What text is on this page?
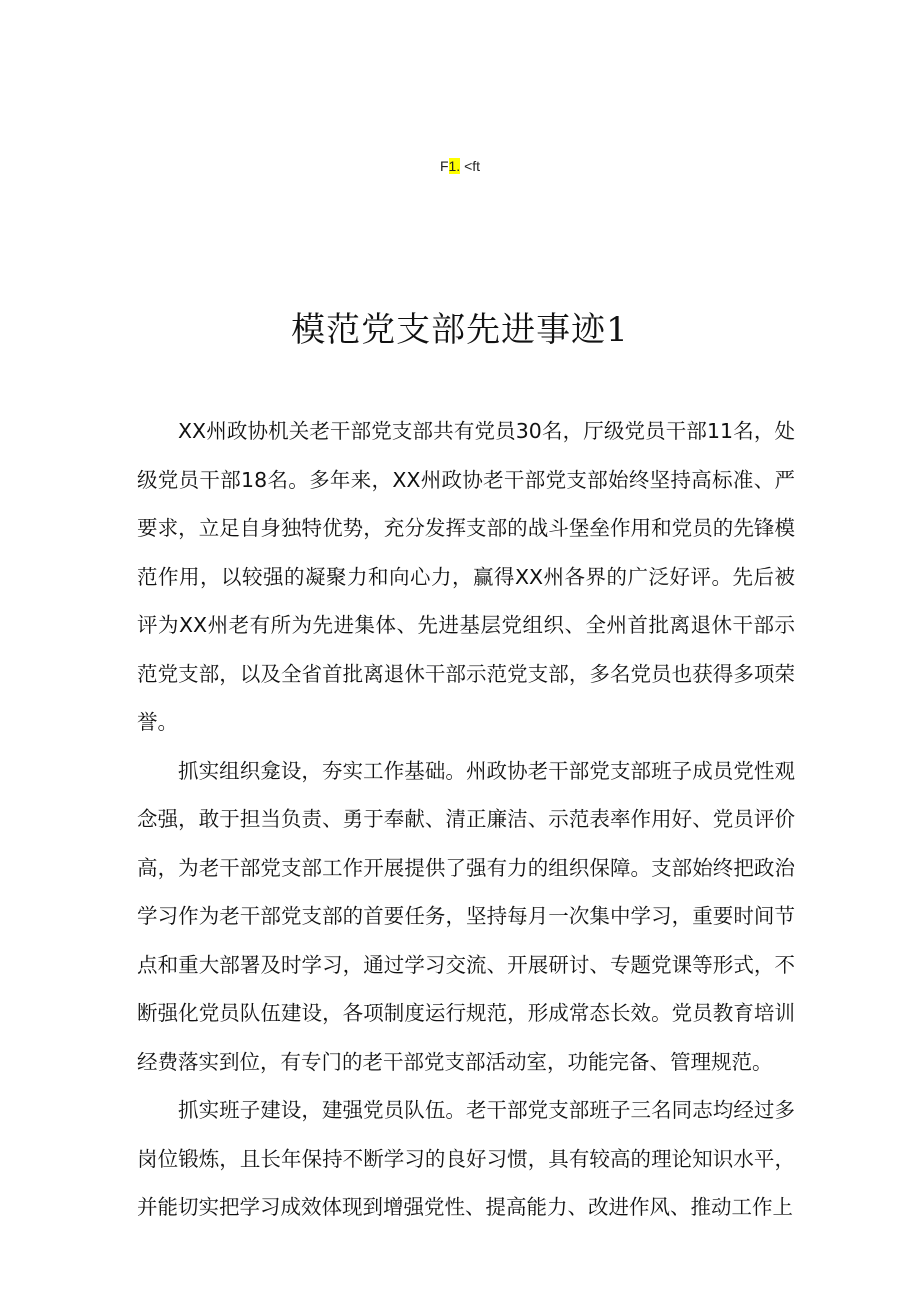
F1. <ft
模范党支部先进事迹1

XX州政协机关老干部党支部共有党员30名，厅级党员干部11名，处级党员干部18名。多年来，XX州政协老干部党支部始终坚持高标准、严要求，立足自身独特优势，充分发挥支部的战斗堡垒作用和党员的先锋模范作用，以较强的凝聚力和向心力，赢得XX州各界的广泛好评。先后被评为XX州老有所为先进集体、先进基层党组织、全州首批离退休干部示范党支部，以及全省首批离退休干部示范党支部，多名党员也获得多项荣誉。

抓实组织龛设，夯实工作基础。州政协老干部党支部班子成员党性观念强，敢于担当负责、勇于奉献、清正廉洁、示范表率作用好、党员评价高，为老干部党支部工作开展提供了强有力的组织保障。支部始终把政治学习作为老干部党支部的首要任务，坚持每月一次集中学习，重要时间节点和重大部署及时学习，通过学习交流、开展研讨、专题党课等形式，不断强化党员队伍建设，各项制度运行规范，形成常态长效。党员教育培训经费落实到位，有专门的老干部党支部活动室，功能完备、管理规范。

抓实班子建设，建强党员队伍。老干部党支部班子三名同志均经过多岗位锻炼，且长年保持不断学习的良好习惯，具有较高的理论知识水平，并能切实把学习成效体现到增强党性、提高能力、改进作风、推动工作上
